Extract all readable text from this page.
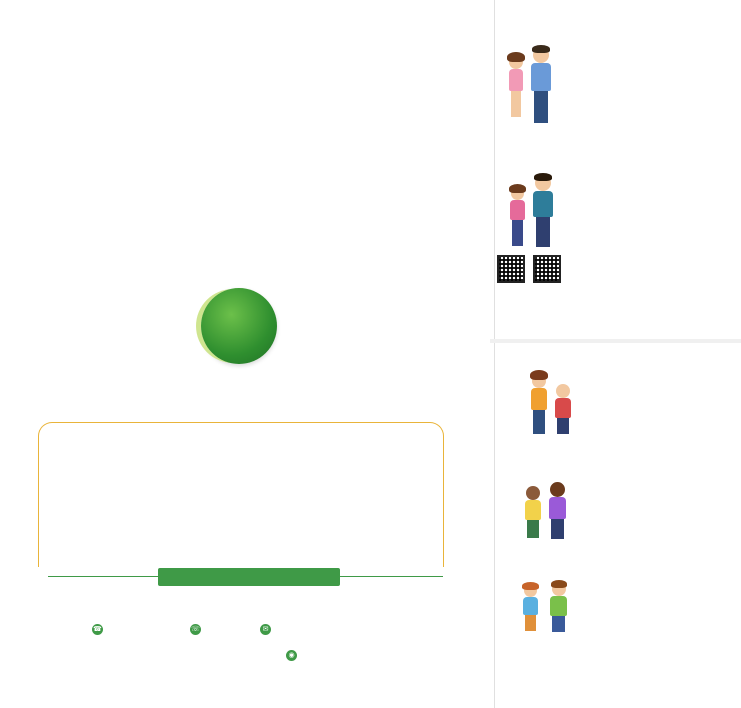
☎	☏	✉
◉
